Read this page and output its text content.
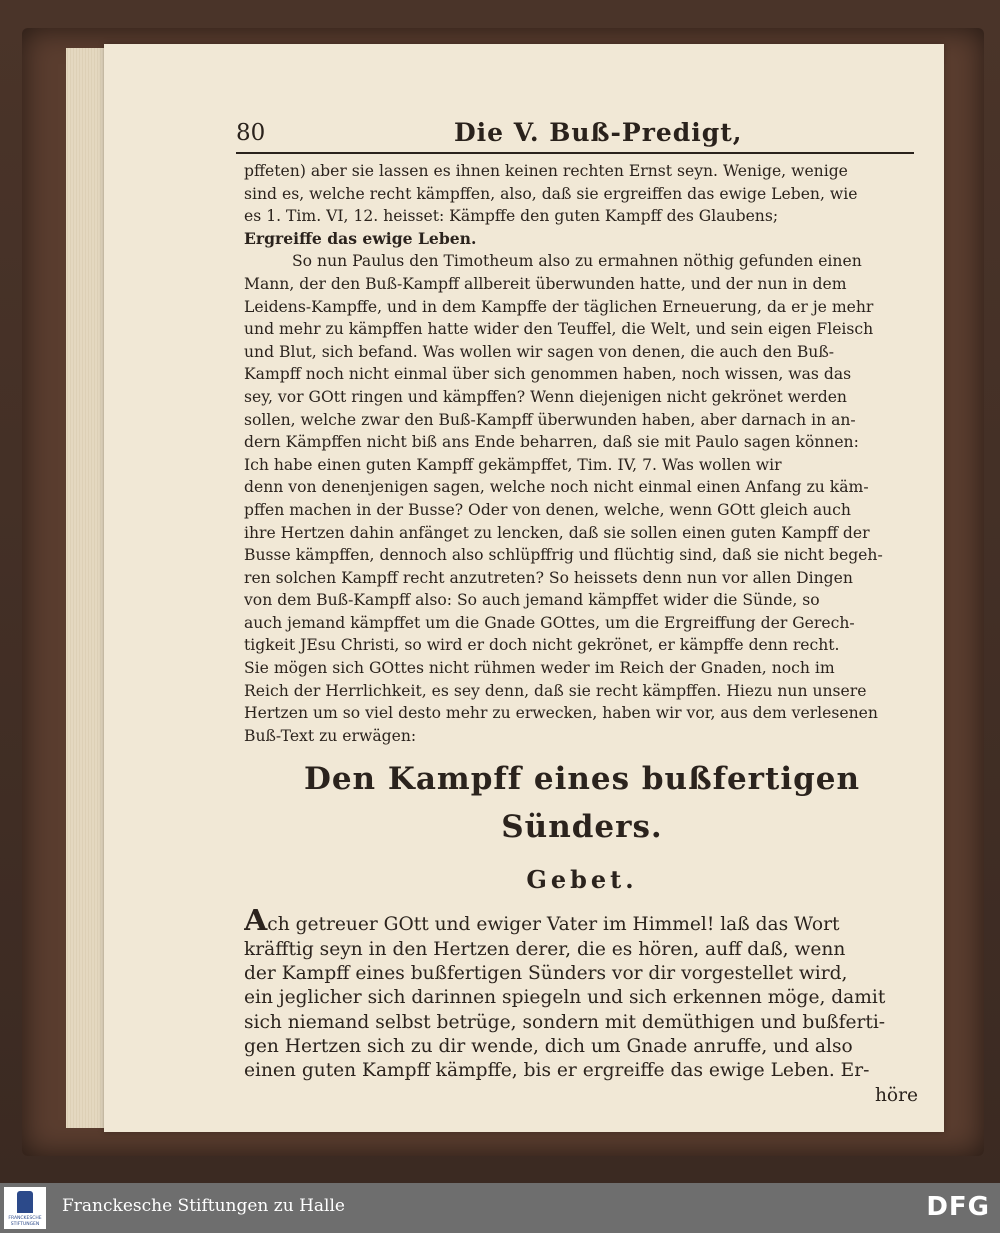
80	Die V. Buß-Predigt,

pffeten) aber sie lassen es ihnen keinen rechten Ernst seyn. Wenige, wenige
sind es, welche recht kämpffen, also, daß sie ergreiffen das ewige Leben, wie
es 1. Tim. VI, 12. heisset: Kämpffe den guten Kampff des Glaubens;
Ergreiffe das ewige Leben.

So nun Paulus den Timotheum also zu ermahnen nöthig gefunden einen
Mann, der den Buß-Kampff allbereit überwunden hatte, und der nun in dem
Leidens-Kampffe, und in dem Kampffe der täglichen Erneuerung, da er je mehr
und mehr zu kämpffen hatte wider den Teuffel, die Welt, und sein eigen Fleisch
und Blut, sich befand. Was wollen wir sagen von denen, die auch den Buß-
Kampff noch nicht einmal über sich genommen haben, noch wissen, was das
sey, vor GOtt ringen und kämpffen? Wenn diejenigen nicht gekrönet werden
sollen, welche zwar den Buß-Kampff überwunden haben, aber darnach in an-
dern Kämpffen nicht biß ans Ende beharren, daß sie mit Paulo sagen können:
Ich habe einen guten Kampff gekämpffet, Tim. IV, 7. Was wollen wir
denn von denenjenigen sagen, welche noch nicht einmal einen Anfang zu käm-
pffen machen in der Busse? Oder von denen, welche, wenn GOtt gleich auch
ihre Hertzen dahin anfänget zu lencken, daß sie sollen einen guten Kampff der
Busse kämpffen, dennoch also schlüpffrig und flüchtig sind, daß sie nicht begeh-
ren solchen Kampff recht anzutreten? So heissets denn nun vor allen Dingen
von dem Buß-Kampff also: So auch jemand kämpffet wider die Sünde, so
auch jemand kämpffet um die Gnade GOttes, um die Ergreiffung der Gerech-
tigkeit JEsu Christi, so wird er doch nicht gekrönet, er kämpffe denn recht.
Sie mögen sich GOttes nicht rühmen weder im Reich der Gnaden, noch im
Reich der Herrlichkeit, es sey denn, daß sie recht kämpffen. Hiezu nun unsere
Hertzen um so viel desto mehr zu erwecken, haben wir vor, aus dem verlesenen
Buß-Text zu erwägen:

Den Kampff eines bußfertigen Sünders.
Gebet.

Ach getreuer GOtt und ewiger Vater im Himmel! laß das Wort
kräfftig seyn in den Hertzen derer, die es hören, auff daß, wenn
der Kampff eines bußfertigen Sünders vor dir vorgestellet wird,
ein jeglicher sich darinnen spiegeln und sich erkennen möge, damit
sich niemand selbst betrüge, sondern mit demüthigen und bußferti-
gen Hertzen sich zu dir wende, dich um Gnade anruffe, und also
einen guten Kampff kämpffe, bis er ergreiffe das ewige Leben. Er-

höre
FRANCKESCHE STIFTUNGEN
Franckesche Stiftungen zu Halle	DFG
